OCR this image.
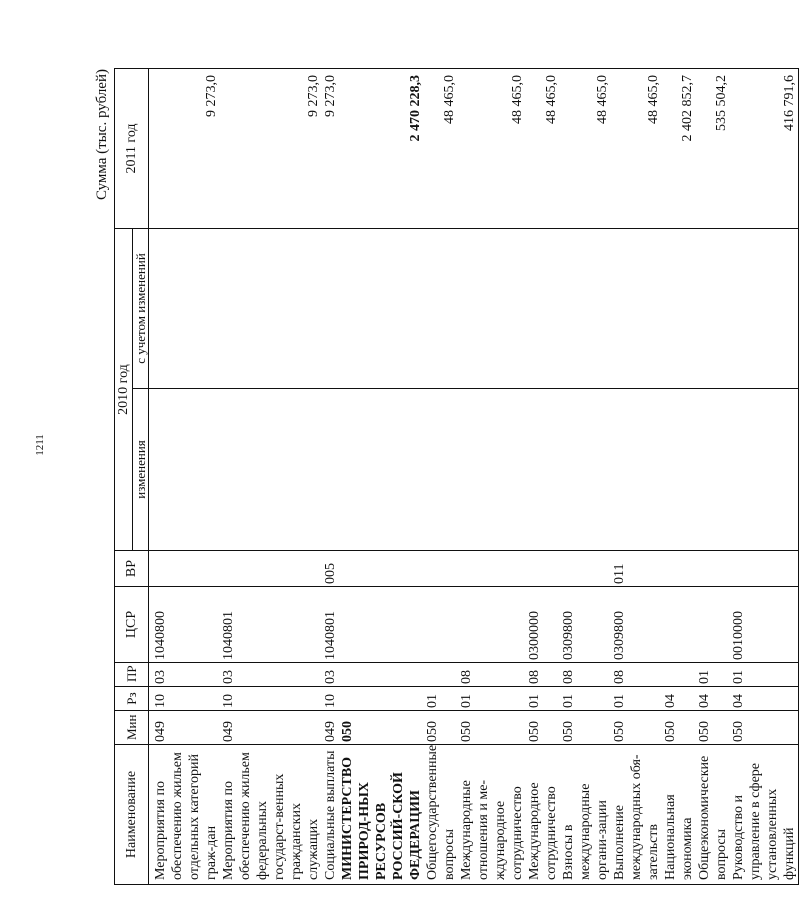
1211
Сумма (тыс. рублей)
Наименование	Мин	Рз	ПР	ЦСР	ВР	2010 год		2011 год
						изменения	с учетом изменений	
Мероприятия по обеспечению жильем отдельных категорий граж-дан	049	10	03	1040800				9 273,0
Мероприятия по обеспечению жильем федеральных государст-венных гражданских служащих	049	10	03	1040801				9 273,0
Социальные выплаты	049	10	03	1040801	005			9 273,0
МИНИСТЕРСТВО ПРИРОД-НЫХ РЕСУРСОВ РОССИЙ-СКОЙ ФЕДЕРАЦИИ	050							2 470 228,3
Общегосударственные вопросы	050	01						48 465,0
Международные отношения и ме-ждународное сотрудничество	050	01	08					48 465,0
Международное сотрудничество	050	01	08	0300000				48 465,0
Взносы в международные органи-зации	050	01	08	0309800				48 465,0
Выполнение международных обя-зательств	050	01	08	0309800	011			48 465,0
Национальная экономика	050	04						2 402 852,7
Общеэкономические вопросы	050	04	01					535 504,2
Руководство и управление в сфере установленных функций	050	04	01	0010000				416 791,6
